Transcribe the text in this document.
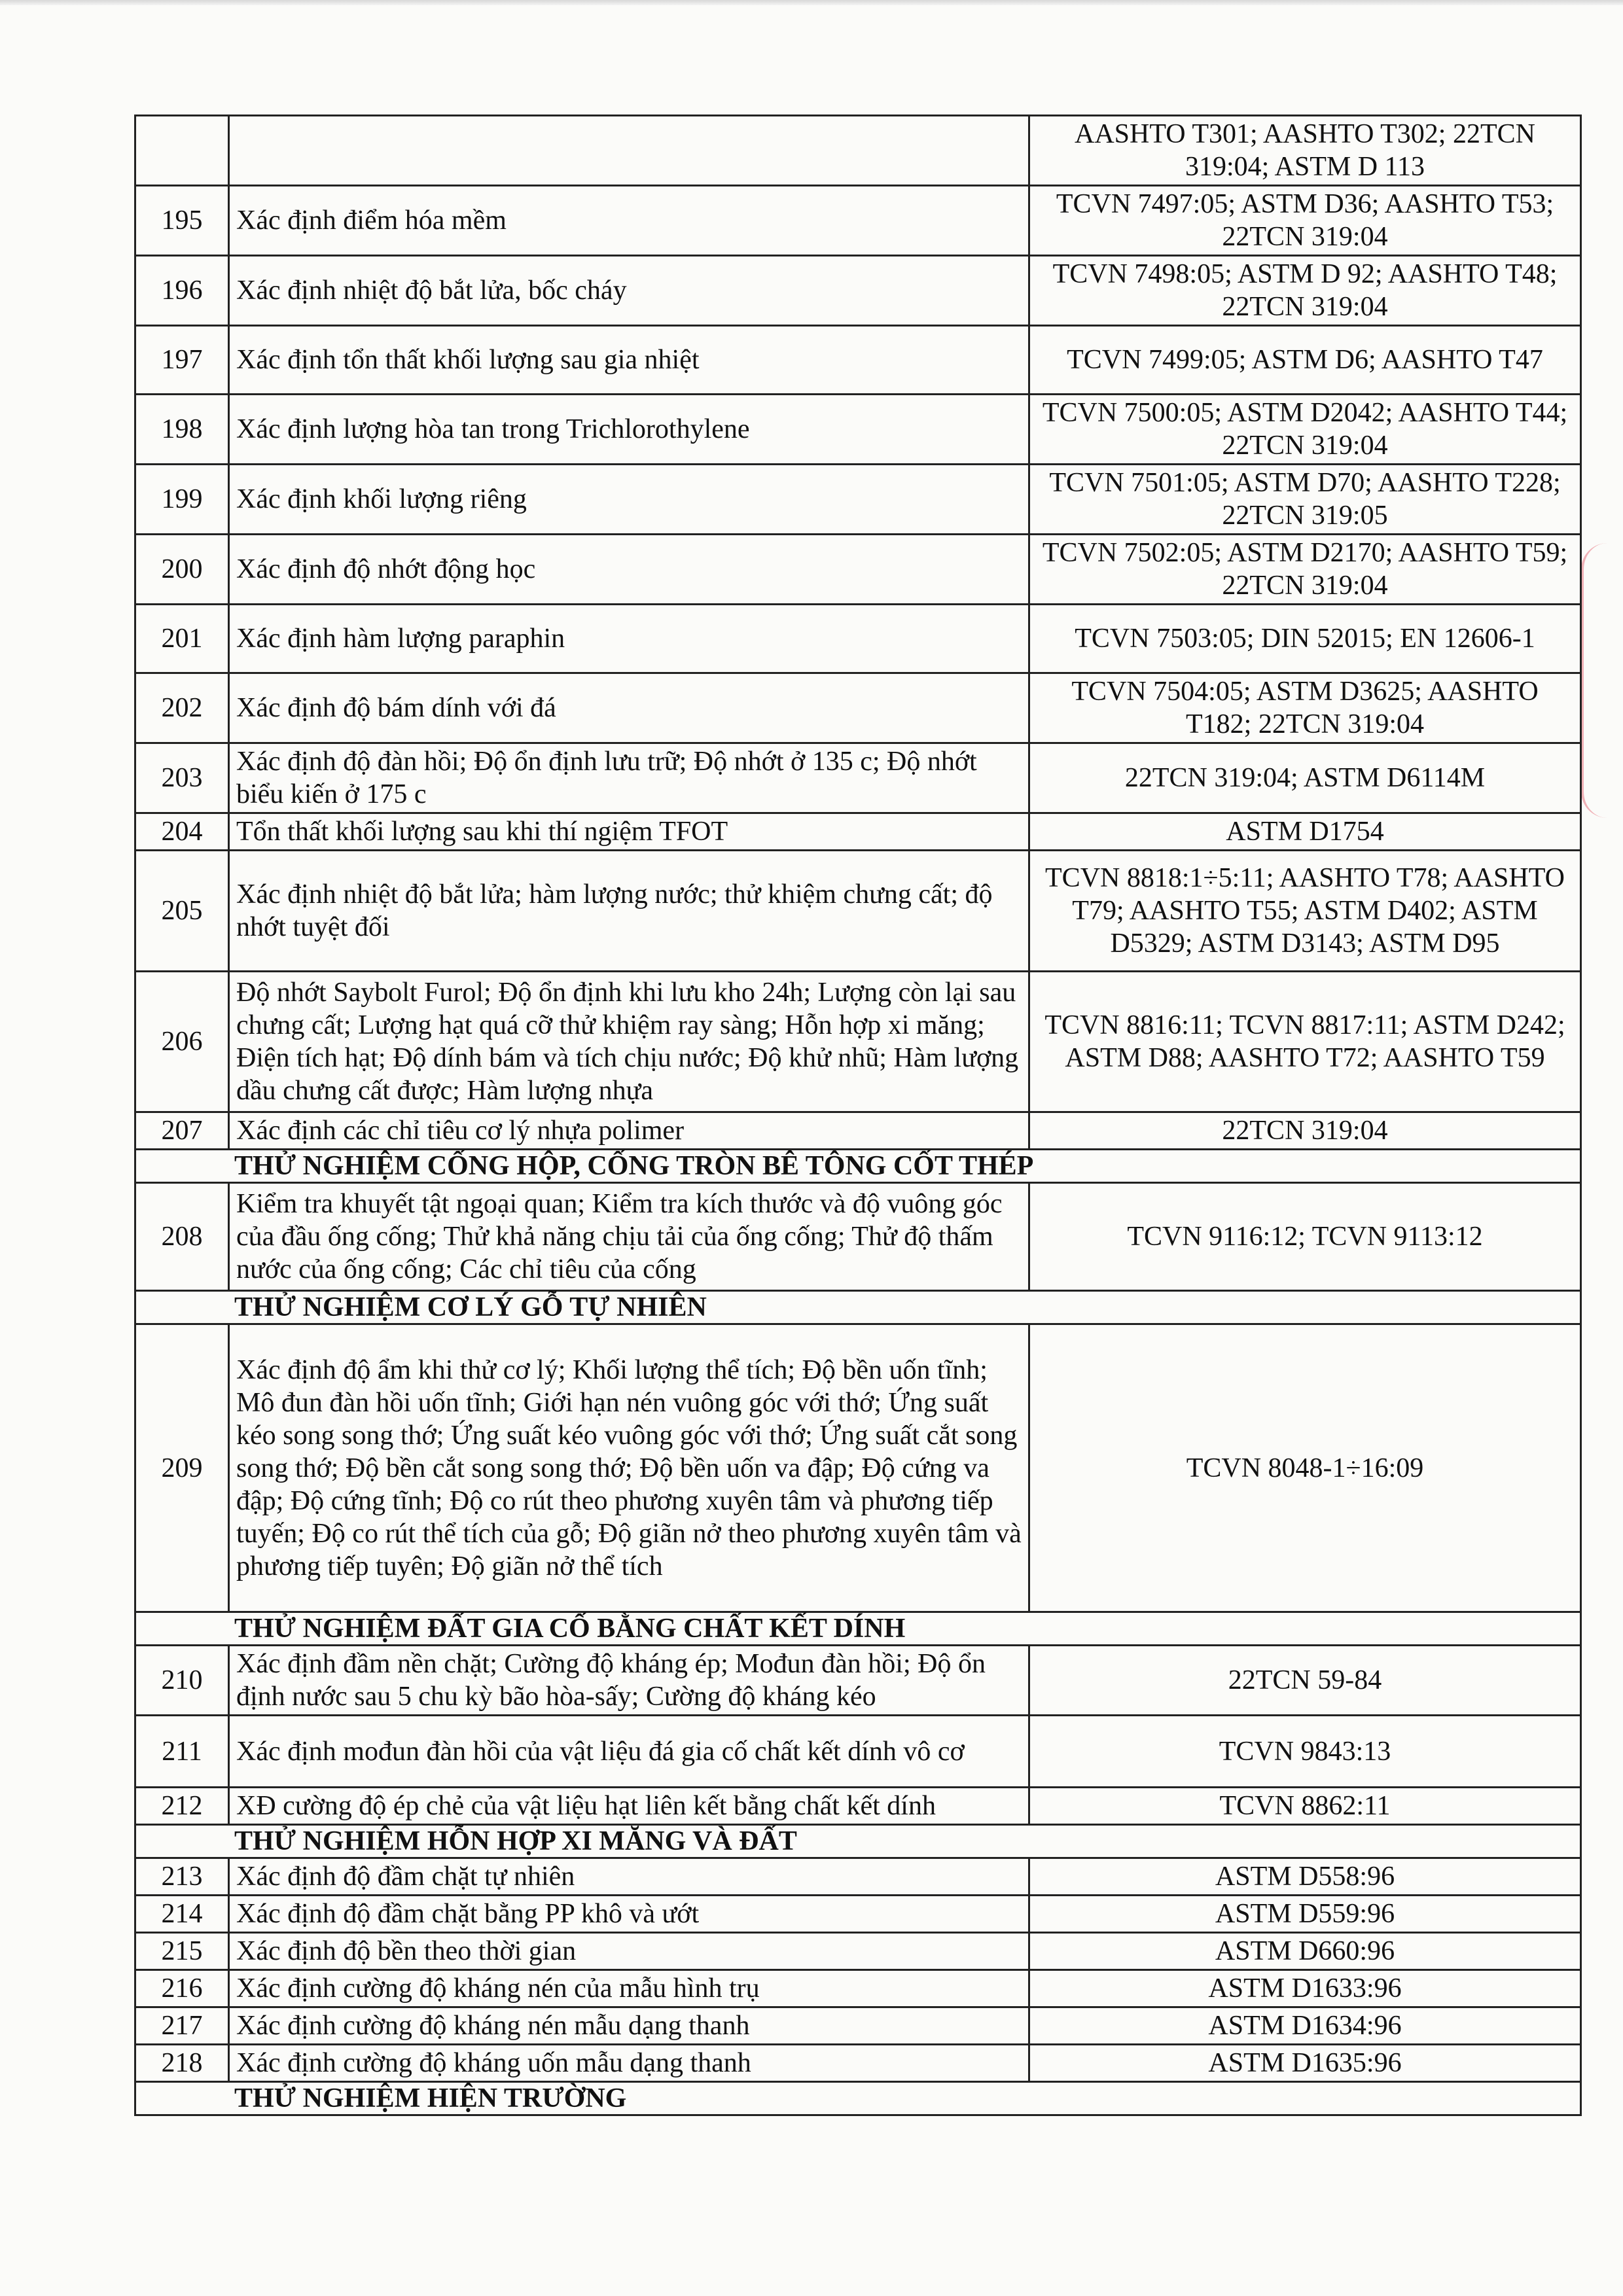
		AASHTO T301; AASHTO T302; 22TCN 319:04; ASTM D 113
195	Xác định điểm hóa mềm	TCVN 7497:05; ASTM D36; AASHTO T53; 22TCN 319:04
196	Xác định nhiệt độ bắt lửa, bốc cháy	TCVN 7498:05; ASTM D 92; AASHTO T48; 22TCN 319:04
197	Xác định tổn thất khối lượng sau gia nhiệt	TCVN 7499:05; ASTM D6; AASHTO T47
198	Xác định lượng hòa tan trong Trichlorothylene	TCVN 7500:05; ASTM D2042; AASHTO T44; 22TCN 319:04
199	Xác định khối lượng riêng	TCVN 7501:05; ASTM D70; AASHTO T228; 22TCN 319:05
200	Xác định độ nhớt động học	TCVN 7502:05; ASTM D2170; AASHTO T59; 22TCN 319:04
201	Xác định hàm lượng paraphin	TCVN 7503:05; DIN 52015; EN 12606-1
202	Xác định độ bám dính với đá	TCVN 7504:05; ASTM D3625; AASHTO T182; 22TCN 319:04
203	Xác định độ đàn hồi; Độ ổn định lưu trữ; Độ nhớt ở 135 c; Độ nhớt biểu kiến ở 175 c	22TCN 319:04; ASTM D6114M
204	Tổn thất khối lượng sau khi thí ngiệm TFOT	ASTM D1754
205	Xác định nhiệt độ bắt lửa; hàm lượng nước; thử khiệm chưng cất; độ nhớt tuyệt đối	TCVN 8818:1÷5:11; AASHTO T78; AASHTO T79; AASHTO T55; ASTM D402; ASTM D5329; ASTM D3143; ASTM D95
206	Độ nhớt Saybolt Furol; Độ ổn định khi lưu kho 24h; Lượng còn lại sau chưng cất; Lượng hạt quá cỡ thử khiệm ray sàng; Hỗn hợp xi măng; Điện tích hạt; Độ dính bám và tích chịu nước; Độ khử nhũ; Hàm lượng dầu chưng cất được; Hàm lượng nhựa	TCVN 8816:11; TCVN 8817:11; ASTM D242; ASTM D88; AASHTO T72; AASHTO T59
207	Xác định các chỉ tiêu cơ lý nhựa polimer	22TCN 319:04
THỬ NGHIỆM CỐNG HỘP, CỐNG TRÒN BÊ TÔNG CỐT THÉP		
208	Kiểm tra khuyết tật ngoại quan; Kiểm tra kích thước và độ vuông góc của đầu ống cống; Thử khả năng chịu tải của ống cống; Thử độ thấm nước của ống cống; Các chỉ tiêu của cống	TCVN 9116:12; TCVN 9113:12
THỬ NGHIỆM CƠ LÝ GỖ TỰ NHIÊN		
209	Xác định độ ẩm khi thử cơ lý; Khối lượng thể tích; Độ bền uốn tĩnh; Mô đun đàn hồi uốn tĩnh; Giới hạn nén vuông góc với thớ; Ứng suất kéo song song thớ; Ứng suất kéo vuông góc với thớ; Ứng suất cắt song song thớ; Độ bền cắt song song thớ; Độ bền uốn va đập; Độ cứng va đập; Độ cứng tĩnh; Độ co rút theo phương xuyên tâm và phương tiếp tuyến; Độ co rút thể tích của gỗ; Độ giãn nở theo phương xuyên tâm và phương tiếp tuyên; Độ giãn nở thể tích	TCVN 8048-1÷16:09
THỬ NGHIỆM ĐẤT GIA CỐ BẰNG CHẤT KẾT DÍNH		
210	Xác định đầm nền chặt; Cường độ kháng ép; Mođun đàn hồi; Độ ổn định nước sau 5 chu kỳ bão hòa-sấy; Cường độ kháng kéo	22TCN 59-84
211	Xác định mođun đàn hồi của vật liệu đá gia cố chất kết dính vô cơ	TCVN 9843:13
212	XĐ cường độ ép chẻ của vật liệu hạt liên kết bằng chất kết dính	TCVN 8862:11
THỬ NGHIỆM HỖN HỢP XI MĂNG VÀ ĐẤT		
213	Xác định độ đầm chặt tự nhiên	ASTM D558:96
214	Xác định độ đầm chặt bằng PP khô và ướt	ASTM D559:96
215	Xác định độ bền theo thời gian	ASTM D660:96
216	Xác định cường độ kháng nén của mẫu hình trụ	ASTM D1633:96
217	Xác định cường độ kháng nén mẫu dạng thanh	ASTM D1634:96
218	Xác định cường độ kháng uốn mẫu dạng thanh	ASTM D1635:96
THỬ NGHIỆM HIỆN TRƯỜNG		
